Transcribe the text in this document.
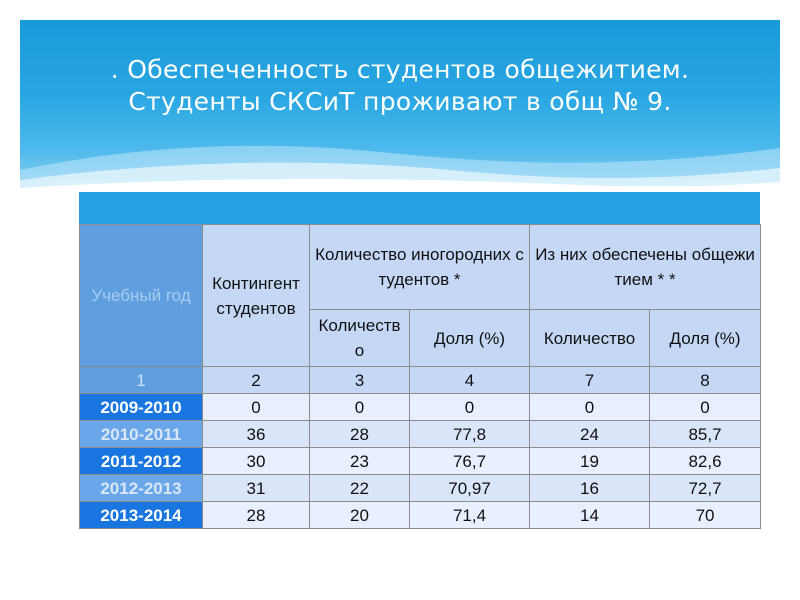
. Обеспеченность студентов общежитием.
Студенты СКСиТ проживают в общ № 9.
Учебный год	Контингент студентов	Количество иногородних студентов *		Из них обеспечены общежитием * *	
		Количество	Доля (%)	Количество	Доля (%)
1	2	3	4	7	8
2009-2010	0	0	0	0	0
2010-2011	36	28	77,8	24	85,7
2011-2012	30	23	76,7	19	82,6
2012-2013	31	22	70,97	16	72,7
2013-2014	28	20	71,4	14	70
